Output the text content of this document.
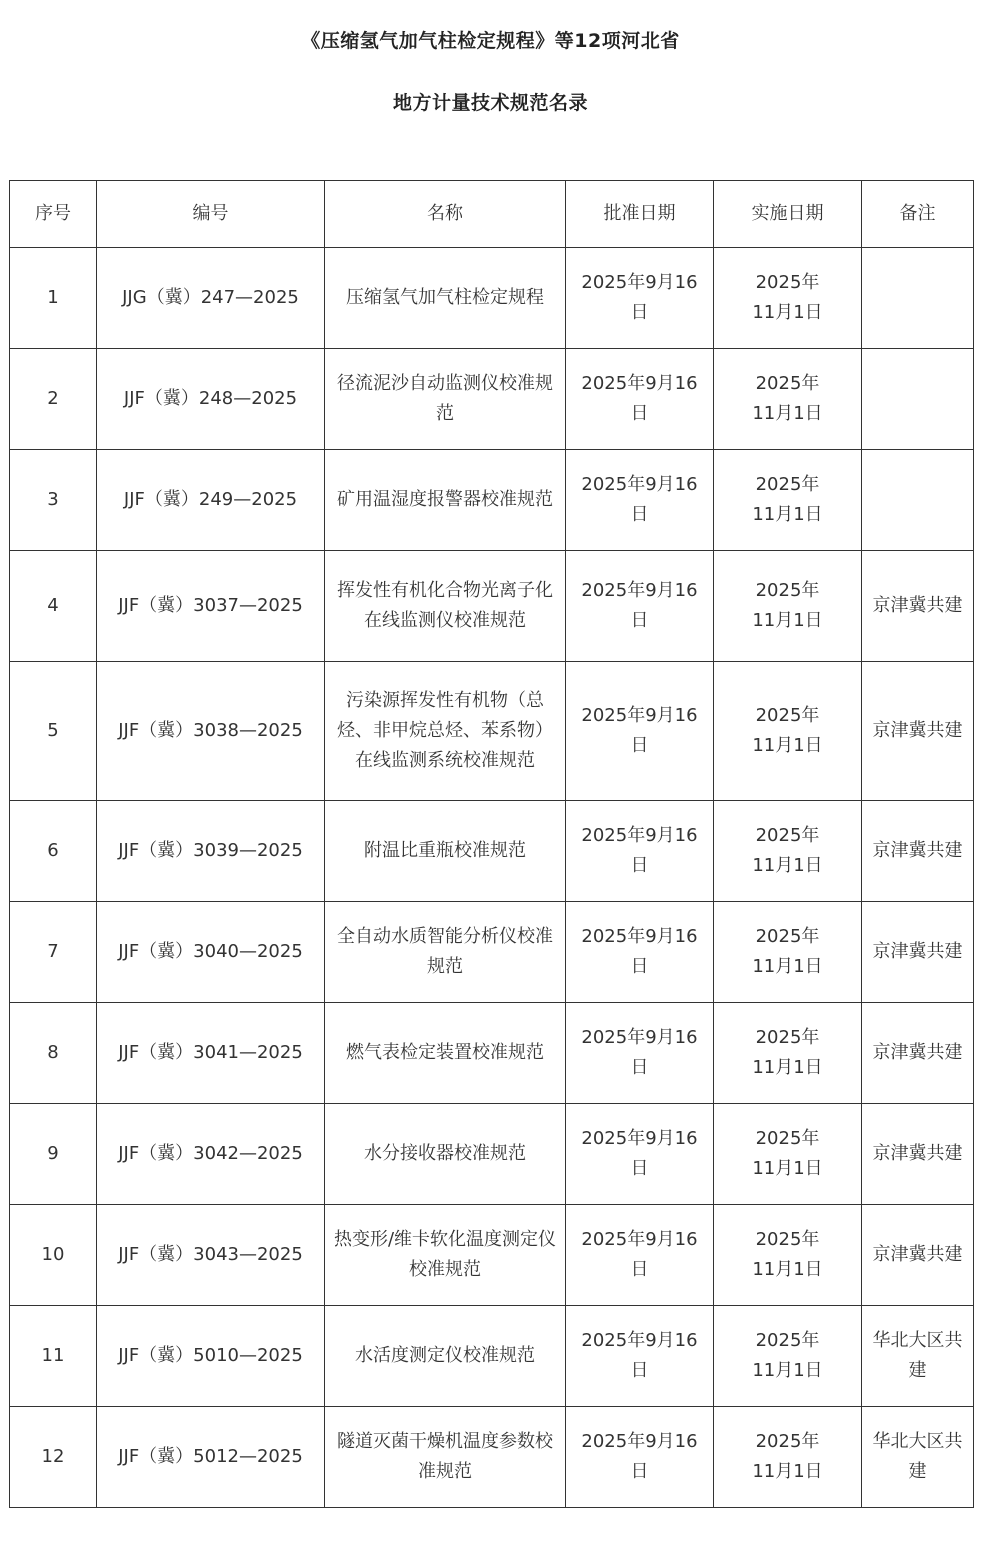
《压缩氢气加气柱检定规程》等12项河北省
地方计量技术规范名录
序号	编号	名称	批准日期	实施日期	备注
1	JJG（冀）247—2025	压缩氢气加气柱检定规程	2025年9月16日	2025年
11月1日	

2	JJF（冀）248—2025	径流泥沙自动监测仪校准规范	2025年9月16日	2025年
11月1日	

3	JJF（冀）249—2025	矿用温湿度报警器校准规范	2025年9月16日	2025年
11月1日	

4	JJF（冀）3037—2025	挥发性有机化合物光离子化在线监测仪校准规范	2025年9月16日	2025年
11月1日	京津冀共建
5	JJF（冀）3038—2025	污染源挥发性有机物（总烃、非甲烷总烃、苯系物）在线监测系统校准规范	2025年9月16日	2025年
11月1日	京津冀共建
6	JJF（冀）3039—2025	附温比重瓶校准规范	2025年9月16日	2025年
11月1日	京津冀共建
7	JJF（冀）3040—2025	全自动水质智能分析仪校准规范	2025年9月16日	2025年
11月1日	京津冀共建
8	JJF（冀）3041—2025	燃气表检定装置校准规范	2025年9月16日	2025年
11月1日	京津冀共建
9	JJF（冀）3042—2025	水分接收器校准规范	2025年9月16日	2025年
11月1日	京津冀共建
10	JJF（冀）3043—2025	热变形/维卡软化温度测定仪校准规范	2025年9月16日	2025年
11月1日	京津冀共建
11	JJF（冀）5010—2025	水活度测定仪校准规范	2025年9月16日	2025年
11月1日	华北大区共建
12	JJF（冀）5012—2025	隧道灭菌干燥机温度参数校准规范	2025年9月16日	2025年
11月1日	华北大区共建
